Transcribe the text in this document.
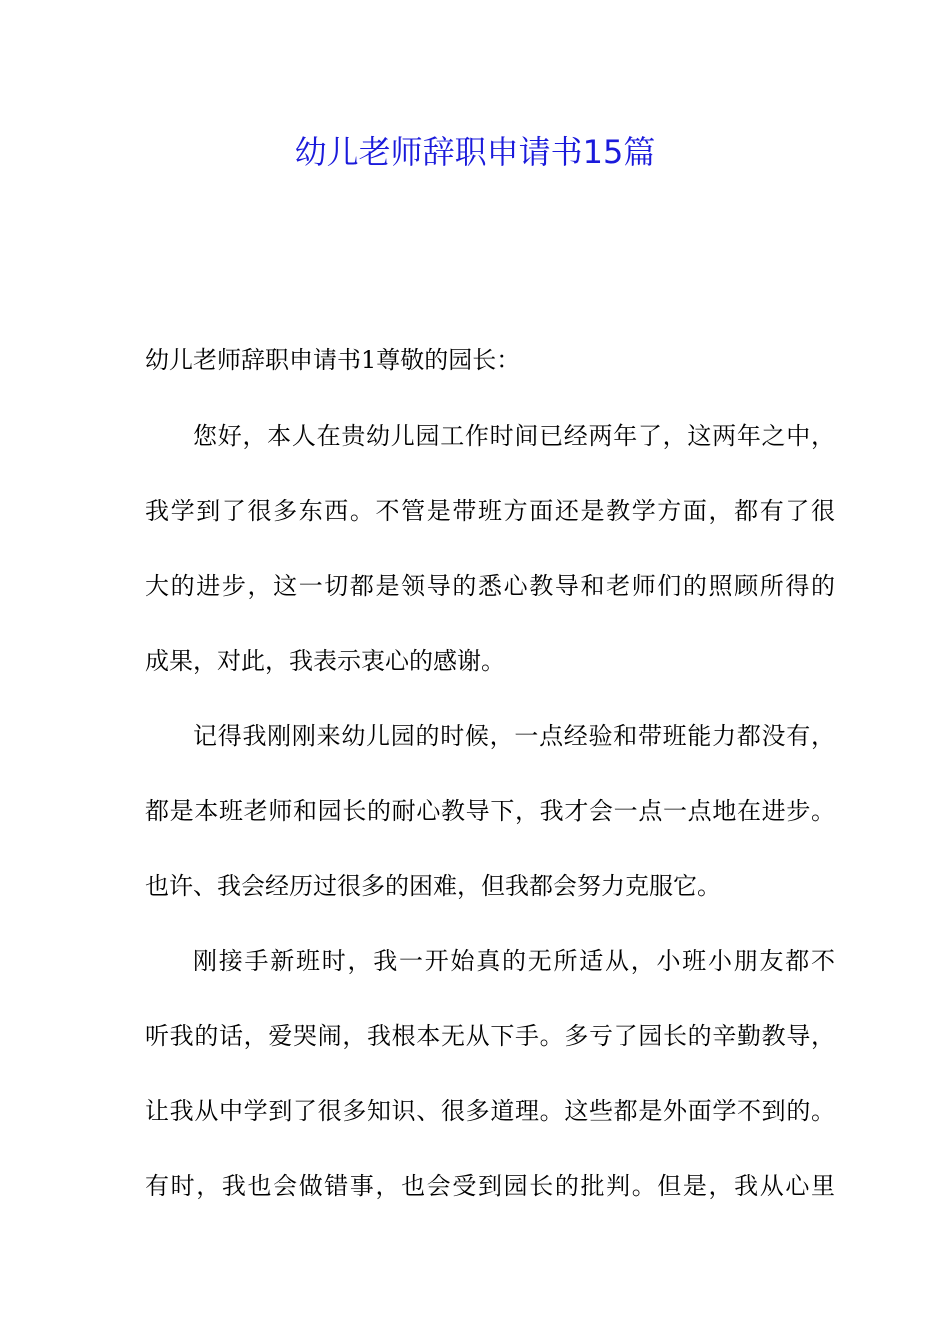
幼儿老师辞职申请书15篇

幼儿老师辞职申请书1尊敬的园长：

您好，本人在贵幼儿园工作时间已经两年了，这两年之中，

我学到了很多东西。不管是带班方面还是教学方面，都有了很

大的进步，这一切都是领导的悉心教导和老师们的照顾所得的

成果，对此，我表示衷心的感谢。

记得我刚刚来幼儿园的时候，一点经验和带班能力都没有，

都是本班老师和园长的耐心教导下，我才会一点一点地在进步。

也许、我会经历过很多的困难，但我都会努力克服它。

刚接手新班时，我一开始真的无所适从，小班小朋友都不

听我的话，爱哭闹，我根本无从下手。多亏了园长的辛勤教导，

让我从中学到了很多知识、很多道理。这些都是外面学不到的。

有时，我也会做错事，也会受到园长的批判。但是，我从心里
